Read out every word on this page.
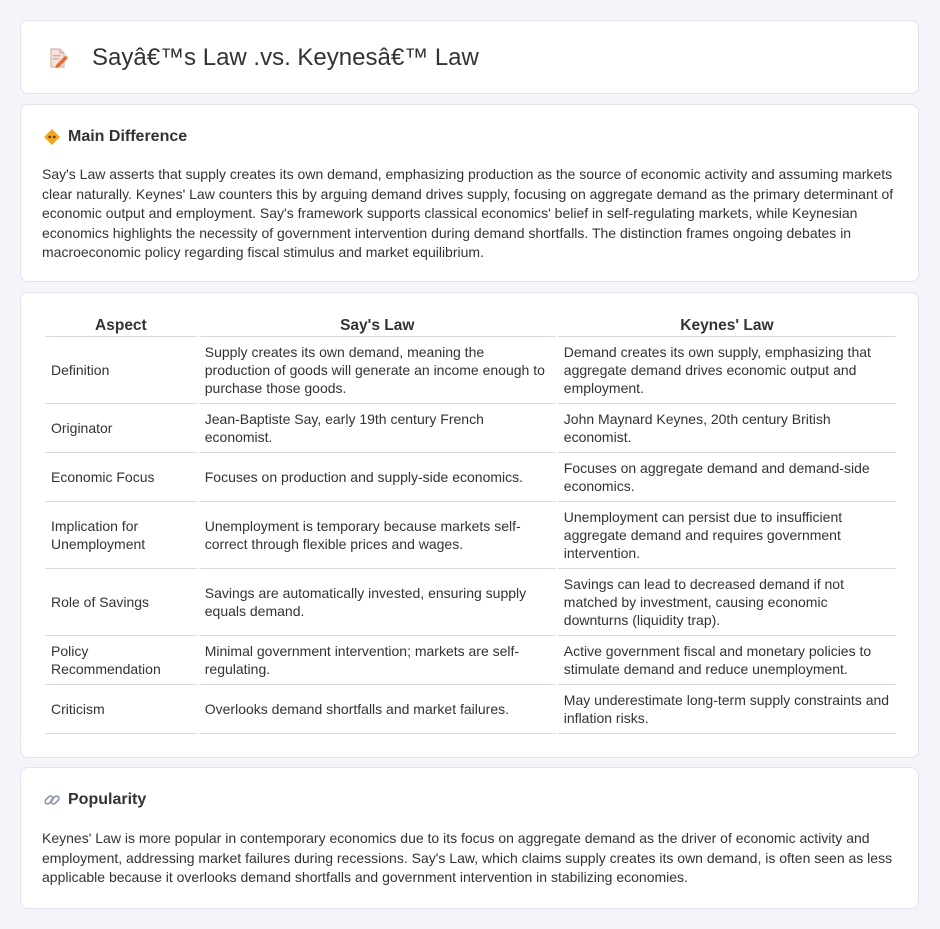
Sayâ€™s Law .vs. Keynesâ€™ Law
Main Difference

Say's Law asserts that supply creates its own demand, emphasizing production as the source of economic activity and assuming markets clear naturally. Keynes' Law counters this by arguing demand drives supply, focusing on aggregate demand as the primary determinant of economic output and employment. Say's framework supports classical economics' belief in self-regulating markets, while Keynesian economics highlights the necessity of government intervention during demand shortfalls. The distinction frames ongoing debates in macroeconomic policy regarding fiscal stimulus and market equilibrium.

Aspect	Say's Law	Keynes' Law
Definition	Supply creates its own demand, meaning the production of goods will generate an income enough to purchase those goods.	Demand creates its own supply, emphasizing that aggregate demand drives economic output and employment.
Originator	Jean-Baptiste Say, early 19th century French economist.	John Maynard Keynes, 20th century British economist.
Economic Focus	Focuses on production and supply-side economics.	Focuses on aggregate demand and demand-side economics.
Implication for Unemployment	Unemployment is temporary because markets self-correct through flexible prices and wages.	Unemployment can persist due to insufficient aggregate demand and requires government intervention.
Role of Savings	Savings are automatically invested, ensuring supply equals demand.	Savings can lead to decreased demand if not matched by investment, causing economic downturns (liquidity trap).
Policy Recommendation	Minimal government intervention; markets are self-regulating.	Active government fiscal and monetary policies to stimulate demand and reduce unemployment.
Criticism	Overlooks demand shortfalls and market failures.	May underestimate long-term supply constraints and inflation risks.
Popularity

Keynes' Law is more popular in contemporary economics due to its focus on aggregate demand as the driver of economic activity and employment, addressing market failures during recessions. Say's Law, which claims supply creates its own demand, is often seen as less applicable because it overlooks demand shortfalls and government intervention in stabilizing economies.
